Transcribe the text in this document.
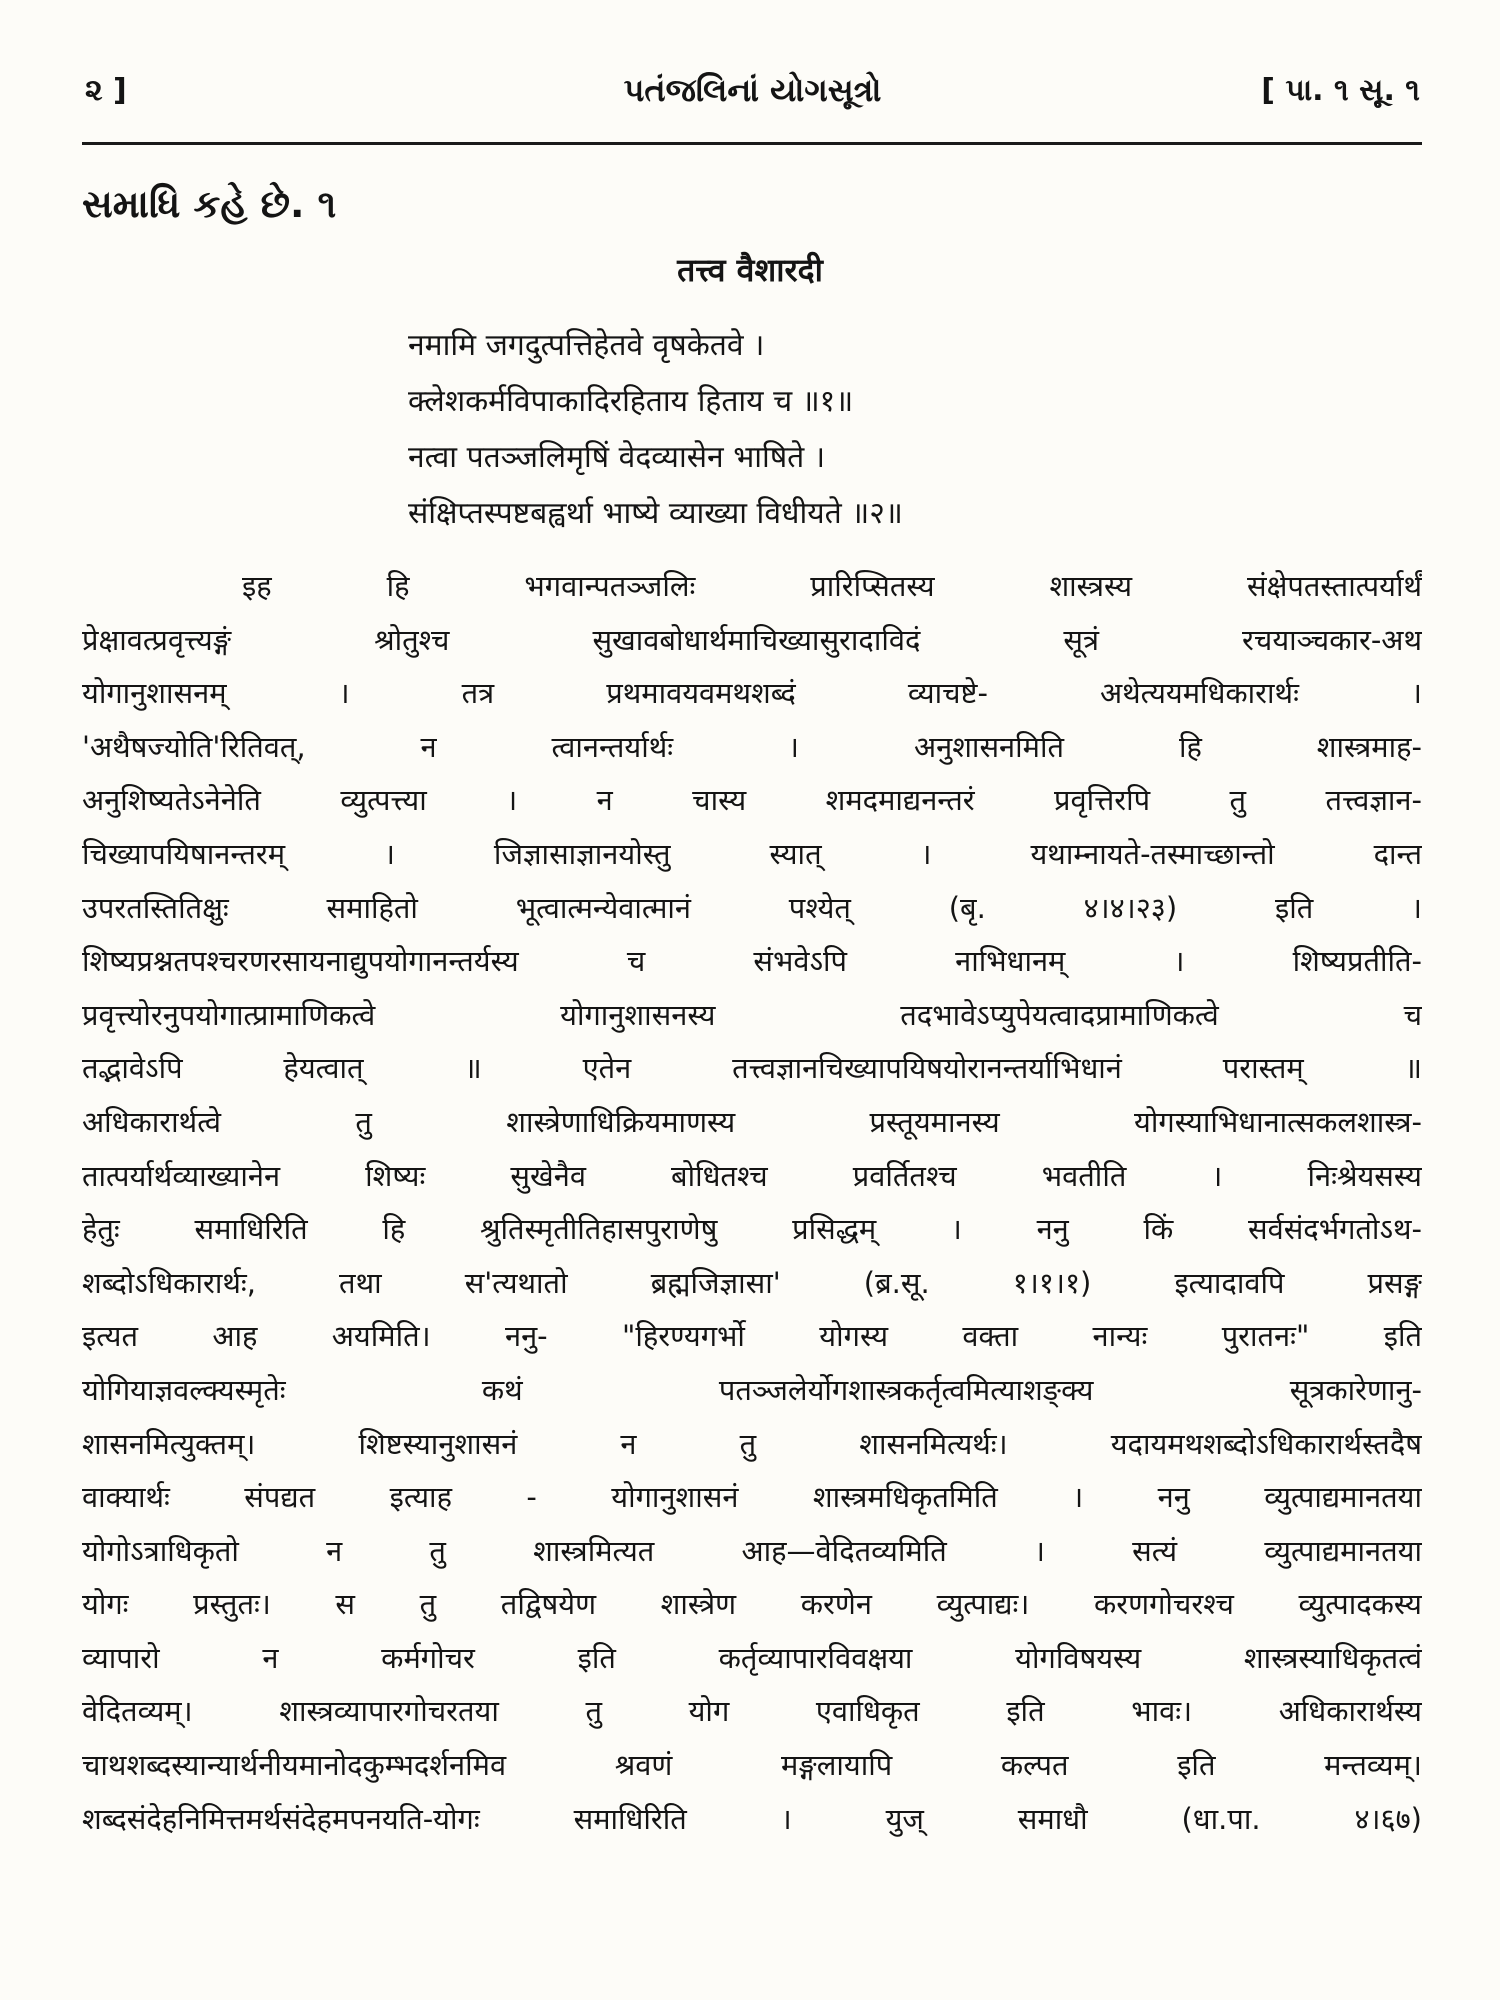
૨ ]	પતંજલિનાં યોગસૂત્રો	[ પા. ૧ સૂ. ૧
સમાધિ કહે છે. ૧
तत्त्व वैशारदी
नमामि जगदुत्पत्तिहेतवे वृषकेतवे ।
क्लेशकर्मविपाकादिरहिताय हिताय च ॥१॥
नत्वा पतञ्जलिमृषिं वेदव्यासेन भाषिते ।
संक्षिप्तस्पष्टबह्वर्था भाष्ये व्याख्या विधीयते ॥२॥
इह हि भगवान्पतञ्जलिः प्रारिप्सितस्य शास्त्रस्य संक्षेपतस्तात्पर्यार्थं
प्रेक्षावत्प्रवृत्त्यङ्गं श्रोतुश्च सुखावबोधार्थमाचिख्यासुरादाविदं सूत्रं रचयाञ्चकार-अथ
योगानुशासनम् । तत्र प्रथमावयवमथशब्दं व्याचष्टे- अथेत्ययमधिकारार्थः ।
'अथैषज्योति'रितिवत्, न त्वानन्तर्यार्थः । अनुशासनमिति हि शास्त्रमाह-
अनुशिष्यतेऽनेनेति व्युत्पत्त्या । न चास्य शमदमाद्यनन्तरं प्रवृत्तिरपि तु तत्त्वज्ञान-
चिख्यापयिषानन्तरम् । जिज्ञासाज्ञानयोस्तु स्यात् । यथाम्नायते-तस्माच्छान्तो दान्त
उपरतस्तितिक्षुः समाहितो भूत्वात्मन्येवात्मानं पश्येत् (बृ. ४।४।२३) इति ।
शिष्यप्रश्नतपश्चरणरसायनाद्युपयोगानन्तर्यस्य च संभवेऽपि नाभिधानम् । शिष्यप्रतीति-
प्रवृत्त्योरनुपयोगात्प्रामाणिकत्वे योगानुशासनस्य तदभावेऽप्युपेयत्वादप्रामाणिकत्वे च
तद्भावेऽपि हेयत्वात् ॥ एतेन तत्त्वज्ञानचिख्यापयिषयोरानन्तर्याभिधानं परास्तम् ॥
अधिकारार्थत्वे तु शास्त्रेणाधिक्रियमाणस्य प्रस्तूयमानस्य योगस्याभिधानात्सकलशास्त्र-
तात्पर्यार्थव्याख्यानेन शिष्यः सुखेनैव बोधितश्च प्रवर्तितश्च भवतीति । निःश्रेयसस्य
हेतुः समाधिरिति हि श्रुतिस्मृतीतिहासपुराणेषु प्रसिद्धम् । ननु किं सर्वसंदर्भगतोऽथ-
शब्दोऽधिकारार्थः, तथा स'त्यथातो ब्रह्मजिज्ञासा' (ब्र.सू. १।१।१) इत्यादावपि प्रसङ्ग
इत्यत आह अयमिति। ननु- "हिरण्यगर्भो योगस्य वक्ता नान्यः पुरातनः" इति
योगियाज्ञवल्क्यस्मृतेः कथं पतञ्जलेर्योगशास्त्रकर्तृत्वमित्याशङ्क्य सूत्रकारेणानु-
शासनमित्युक्तम्। शिष्टस्यानुशासनं न तु शासनमित्यर्थः। यदायमथशब्दोऽधिकारार्थस्तदैष
वाक्यार्थः संपद्यत इत्याह - योगानुशासनं शास्त्रमधिकृतमिति । ननु व्युत्पाद्यमानतया
योगोऽत्राधिकृतो न तु शास्त्रमित्यत आह—वेदितव्यमिति । सत्यं व्युत्पाद्यमानतया
योगः प्रस्तुतः। स तु तद्विषयेण शास्त्रेण करणेन व्युत्पाद्यः। करणगोचरश्च व्युत्पादकस्य
व्यापारो न कर्मगोचर इति कर्तृव्यापारविवक्षया योगविषयस्य शास्त्रस्याधिकृतत्वं
वेदितव्यम्। शास्त्रव्यापारगोचरतया तु योग एवाधिकृत इति भावः। अधिकारार्थस्य
चाथशब्दस्यान्यार्थनीयमानोदकुम्भदर्शनमिव श्रवणं मङ्गलायापि कल्पत इति मन्तव्यम्।
शब्दसंदेहनिमित्तमर्थसंदेहमपनयति-योगः समाधिरिति । युज् समाधौ (धा.पा. ४।६७)
